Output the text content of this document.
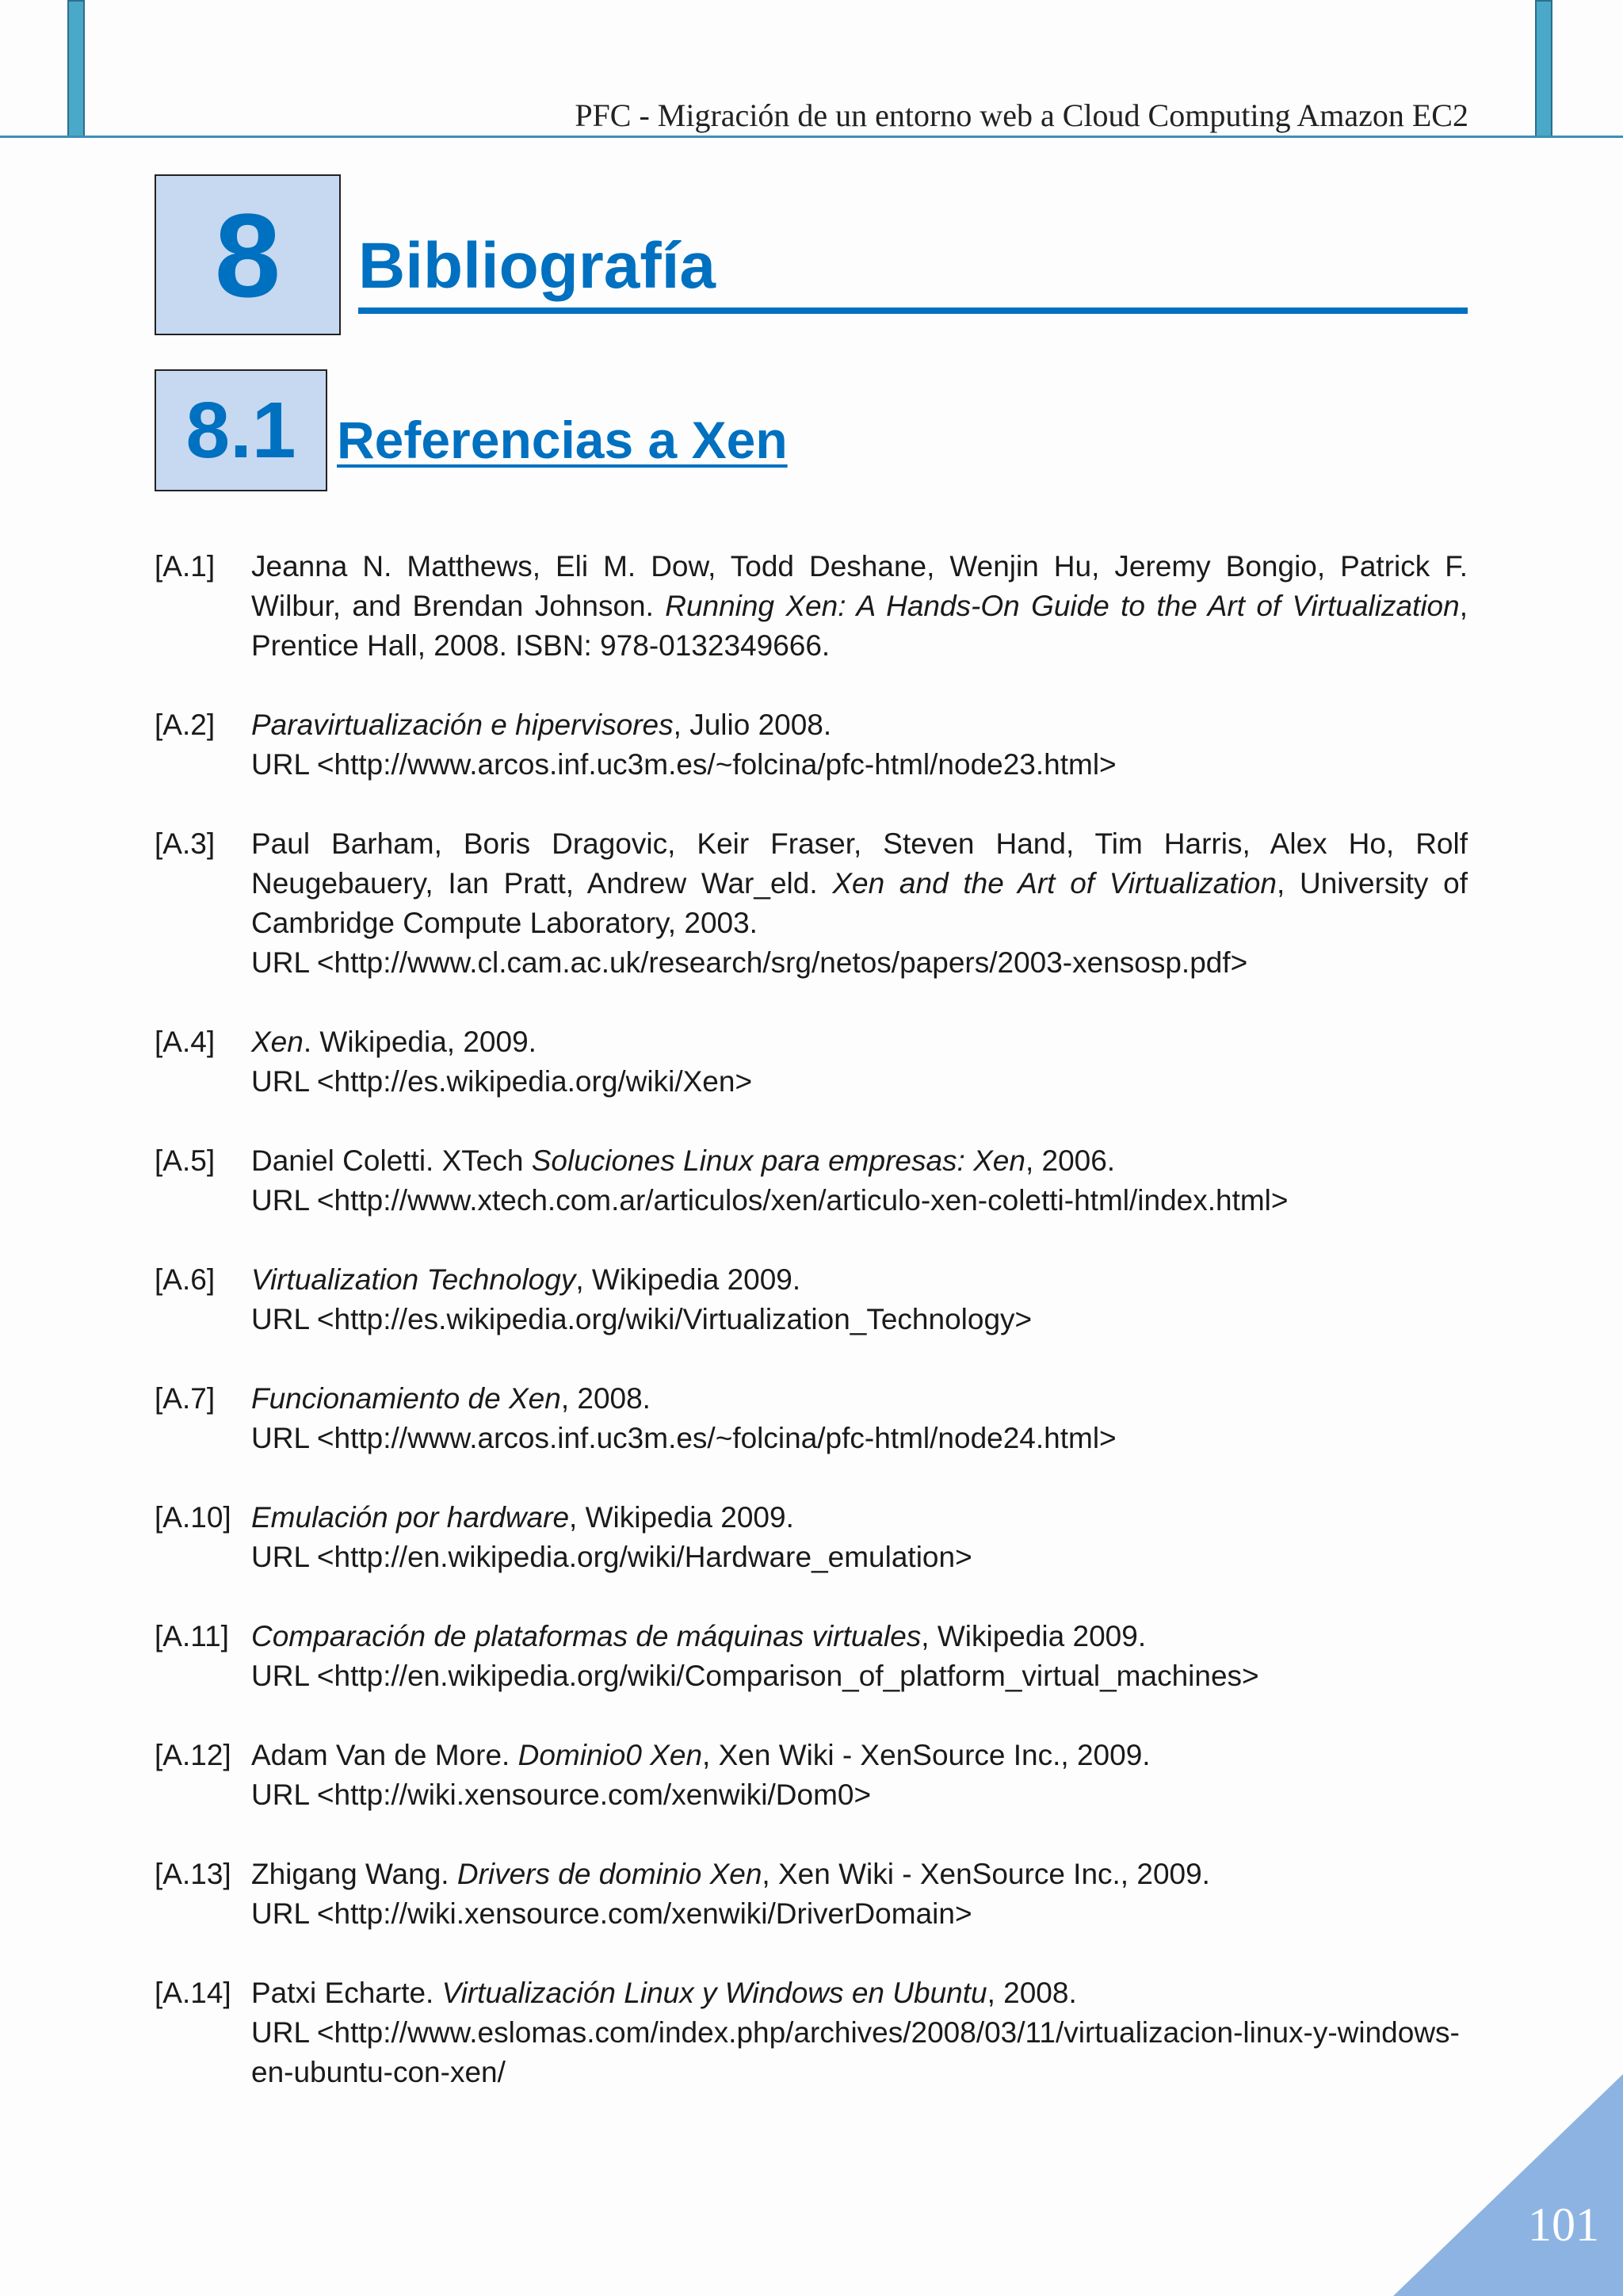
PFC - Migración de un entorno web a Cloud Computing Amazon EC2
8 Bibliografía
8.1 Referencias a Xen
[A.1]	Jeanna N. Matthews, Eli M. Dow, Todd Deshane, Wenjin Hu, Jeremy Bongio, Patrick F. Wilbur, and Brendan Johnson. Running Xen: A Hands-On Guide to the Art of Virtualization, Prentice Hall, 2008. ISBN: 978-0132349666.
[A.2]	Paravirtualización e hipervisores, Julio 2008.
URL <http://www.arcos.inf.uc3m.es/~folcina/pfc-html/node23.html>
[A.3]	Paul Barham, Boris Dragovic, Keir Fraser, Steven Hand, Tim Harris, Alex Ho, Rolf Neugebauery, Ian Pratt, Andrew War_eld. Xen and the Art of Virtualization, University of Cambridge Compute Laboratory, 2003.
URL <http://www.cl.cam.ac.uk/research/srg/netos/papers/2003-xensosp.pdf>
[A.4]	Xen. Wikipedia, 2009.
URL <http://es.wikipedia.org/wiki/Xen>
[A.5]	Daniel Coletti. XTech Soluciones Linux para empresas: Xen, 2006.
URL <http://www.xtech.com.ar/articulos/xen/articulo-xen-coletti-html/index.html>
[A.6]	Virtualization Technology, Wikipedia 2009.
URL <http://es.wikipedia.org/wiki/Virtualization_Technology>
[A.7]	Funcionamiento de Xen, 2008.
URL <http://www.arcos.inf.uc3m.es/~folcina/pfc-html/node24.html>
[A.10] Emulación por hardware, Wikipedia 2009.
URL <http://en.wikipedia.org/wiki/Hardware_emulation>
[A.11] Comparación de plataformas de máquinas virtuales, Wikipedia 2009.
URL <http://en.wikipedia.org/wiki/Comparison_of_platform_virtual_machines>
[A.12] Adam Van de More. Dominio0 Xen, Xen Wiki - XenSource Inc., 2009.
URL <http://wiki.xensource.com/xenwiki/Dom0>
[A.13] Zhigang Wang. Drivers de dominio Xen, Xen Wiki - XenSource Inc., 2009.
URL <http://wiki.xensource.com/xenwiki/DriverDomain>
[A.14] Patxi Echarte. Virtualización Linux y Windows en Ubuntu, 2008.
URL <http://www.eslomas.com/index.php/archives/2008/03/11/virtualizacion-linux-y-windows-en-ubuntu-con-xen/
101
